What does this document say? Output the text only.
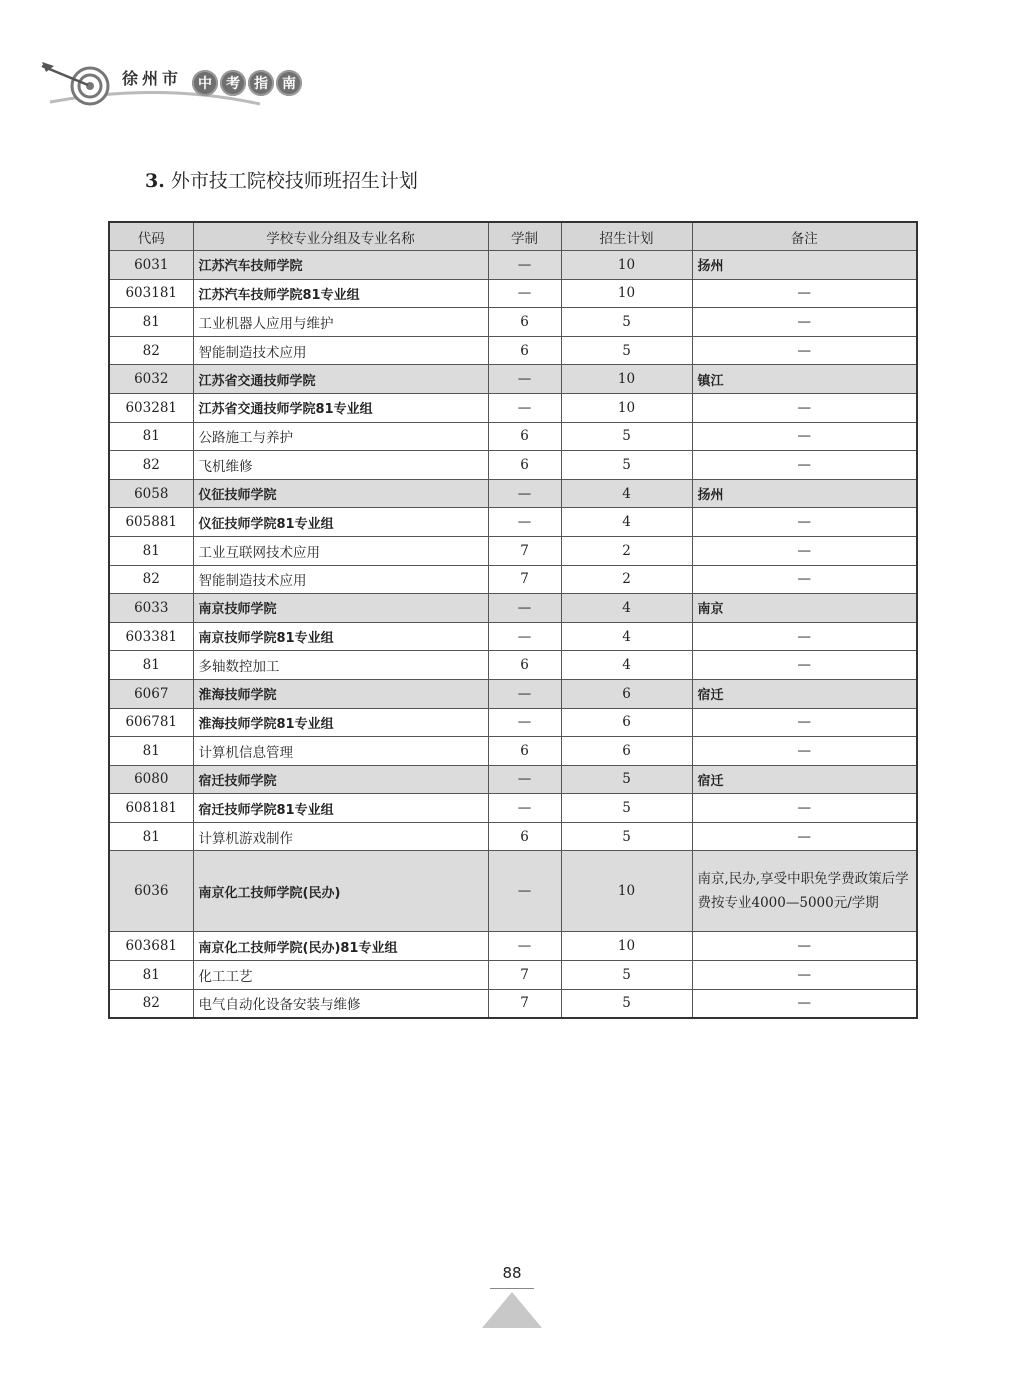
徐州市	中	考	指	南
3. 外市技工院校技师班招生计划
代码	学校专业分组及专业名称	学制	招生计划	备注
6031	江苏汽车技师学院	—	10	扬州
603181	江苏汽车技师学院81专业组	—	10	—
81	工业机器人应用与维护	6	5	—
82	智能制造技术应用	6	5	—
6032	江苏省交通技师学院	—	10	镇江
603281	江苏省交通技师学院81专业组	—	10	—
81	公路施工与养护	6	5	—
82	飞机维修	6	5	—
6058	仪征技师学院	—	4	扬州
605881	仪征技师学院81专业组	—	4	—
81	工业互联网技术应用	7	2	—
82	智能制造技术应用	7	2	—
6033	南京技师学院	—	4	南京
603381	南京技师学院81专业组	—	4	—
81	多轴数控加工	6	4	—
6067	淮海技师学院	—	6	宿迁
606781	淮海技师学院81专业组	—	6	—
81	计算机信息管理	6	6	—
6080	宿迁技师学院	—	5	宿迁
608181	宿迁技师学院81专业组	—	5	—
81	计算机游戏制作	6	5	—
6036	南京化工技师学院(民办)	—	10	南京,民办,享受中职免学费政策后学费按专业4000—5000元/学期
603681	南京化工技师学院(民办)81专业组	—	10	—
81	化工工艺	7	5	—
82	电气自动化设备安装与维修	7	5	—
88
